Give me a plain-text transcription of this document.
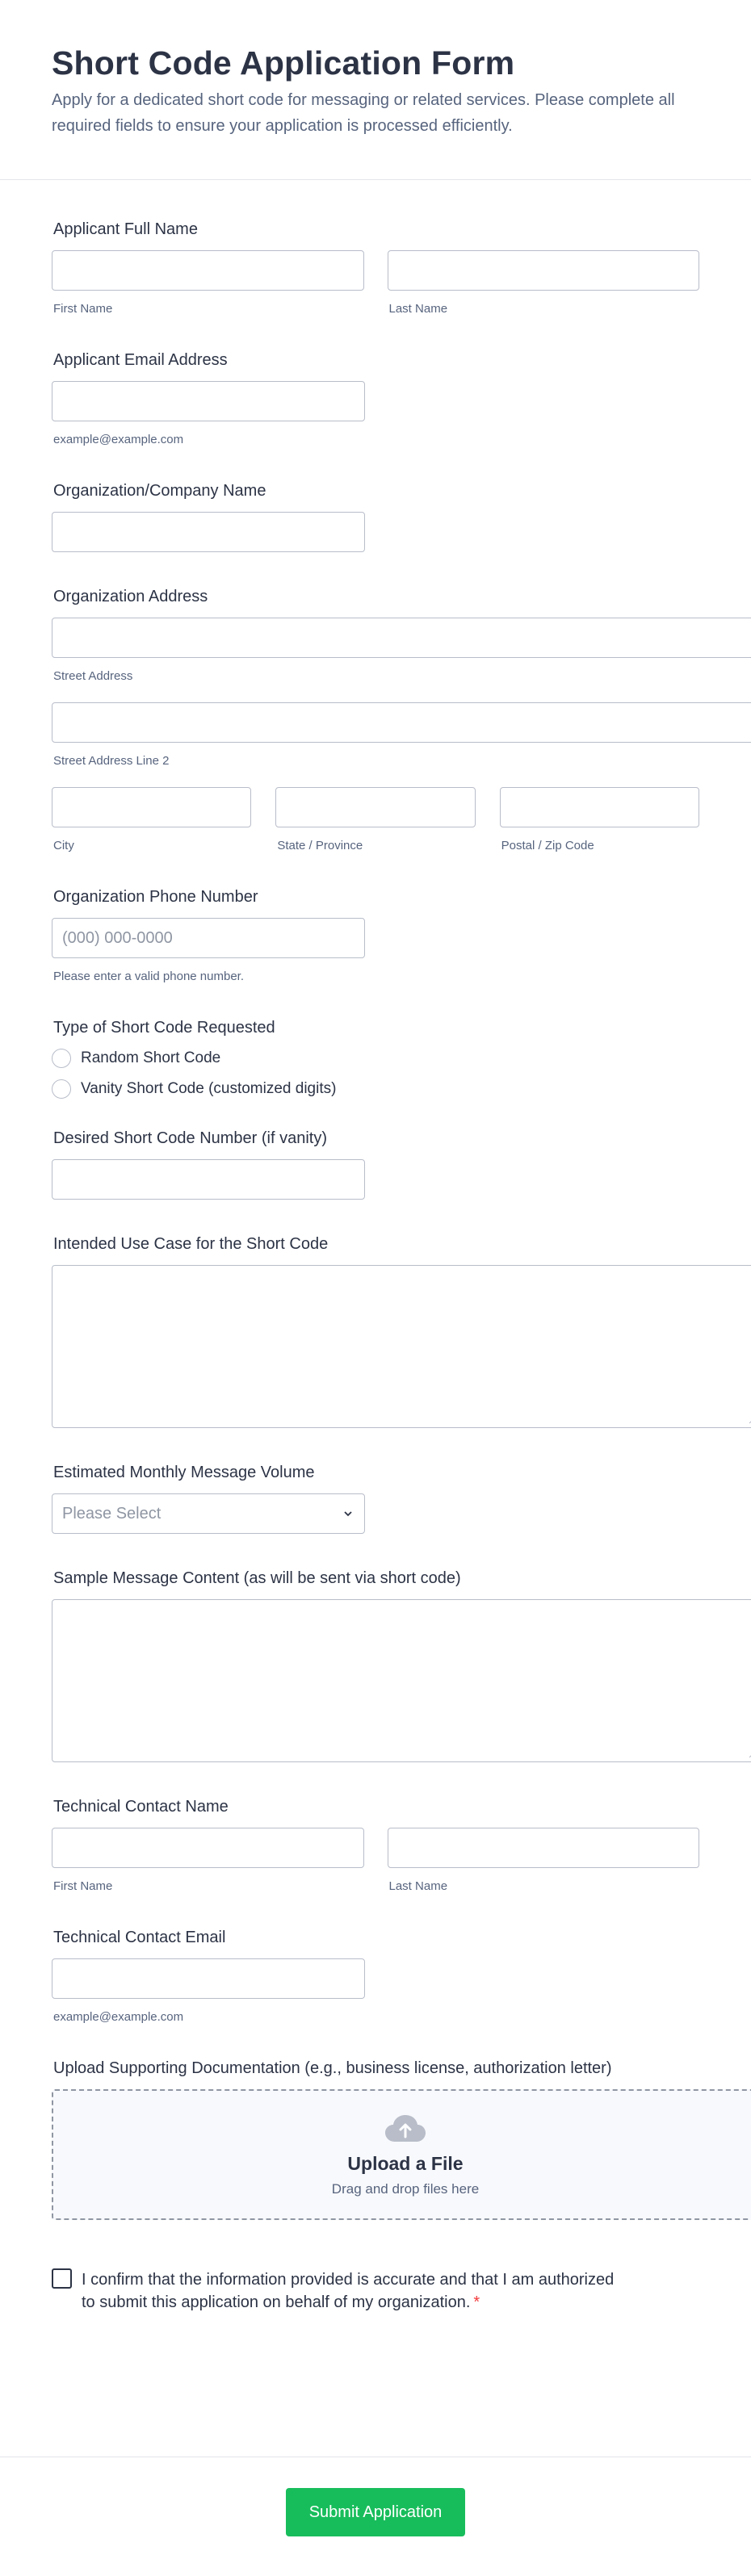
Short Code Application Form

Apply for a dedicated short code for messaging or related services. Please complete all required fields to ensure your application is processed efficiently.

Applicant Full Name
First Name	Last Name
Applicant Email Address
example@example.com
Organization/Company Name
Organization Address
Street Address
Street Address Line 2
City	State / Province	Postal / Zip Code
Organization Phone Number
(000) 000-0000
Please enter a valid phone number.
Type of Short Code Requested
Random Short Code
Vanity Short Code (customized digits)
Desired Short Code Number (if vanity)
Intended Use Case for the Short Code
Estimated Monthly Message Volume
Please Select
Sample Message Content (as will be sent via short code)
Technical Contact Name
First Name	Last Name
Technical Contact Email
example@example.com
Upload Supporting Documentation (e.g., business license, authorization letter)
Upload a File
Drag and drop files here
I confirm that the information provided is accurate and that I am authorized to submit this application on behalf of my organization. *
Submit Application
